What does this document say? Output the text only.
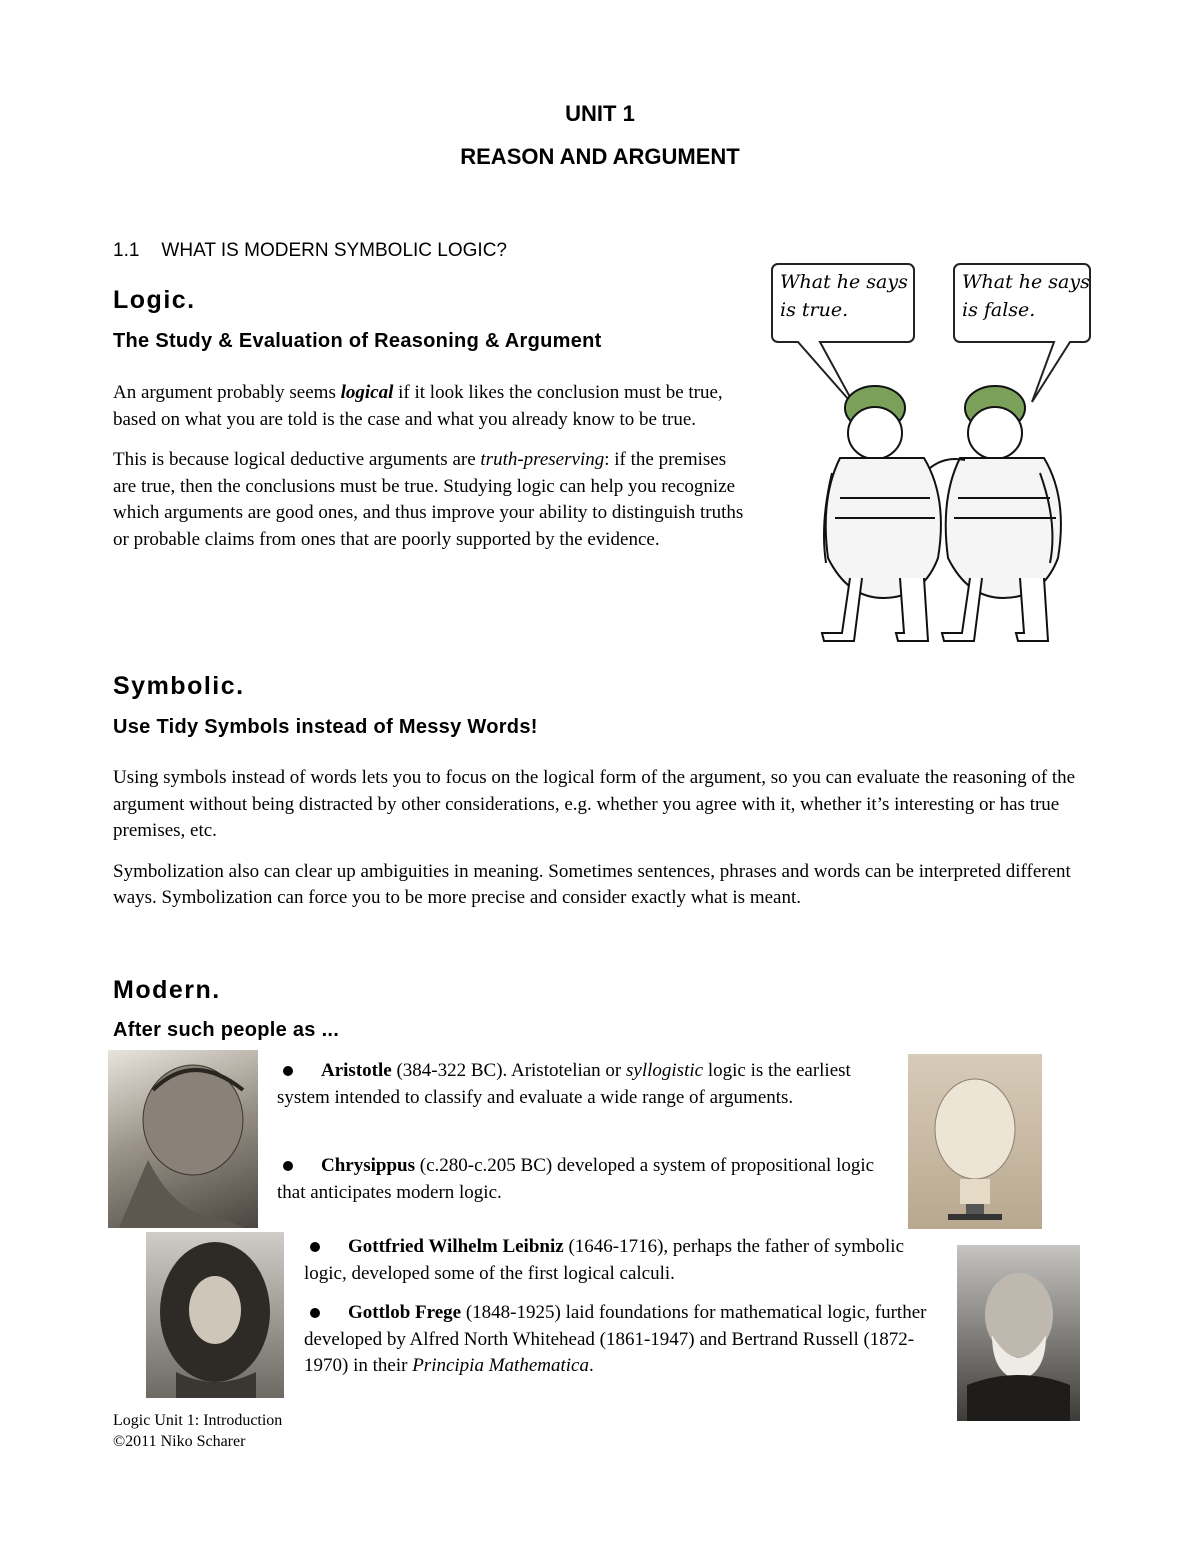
UNIT 1
REASON AND ARGUMENT
1.1 WHAT IS MODERN SYMBOLIC LOGIC?
Logic.
The Study & Evaluation of Reasoning & Argument

An argument probably seems logical if it look likes the conclusion must be true, based on what you are told is the case and what you already know to be true.

This is because logical deductive arguments are truth-preserving: if the premises are true, then the conclusions must be true. Studying logic can help you recognize which arguments are good ones, and thus improve your ability to distinguish truths or probable claims from ones that are poorly supported by the evidence.

What he says is true.
What he says is false.
Symbolic.
Use Tidy Symbols instead of Messy Words!

Using symbols instead of words lets you to focus on the logical form of the argument, so you can evaluate the reasoning of the argument without being distracted by other considerations, e.g. whether you agree with it, whether it’s interesting or has true premises, etc.

Symbolization also can clear up ambiguities in meaning. Sometimes sentences, phrases and words can be interpreted different ways. Symbolization can force you to be more precise and consider exactly what is meant.

Modern.
After such people as ...
Aristotle (384-322 BC). Aristotelian or syllogistic logic is the earliest system intended to classify and evaluate a wide range of arguments.
Chrysippus (c.280-c.205 BC) developed a system of propositional logic that anticipates modern logic.
Gottfried Wilhelm Leibniz (1646-1716), perhaps the father of symbolic logic, developed some of the first logical calculi.
Gottlob Frege (1848-1925) laid foundations for mathematical logic, further developed by Alfred North Whitehead (1861-1947) and Bertrand Russell (1872-1970) in their Principia Mathematica.
Logic Unit 1: Introduction
©2011 Niko Scharer
